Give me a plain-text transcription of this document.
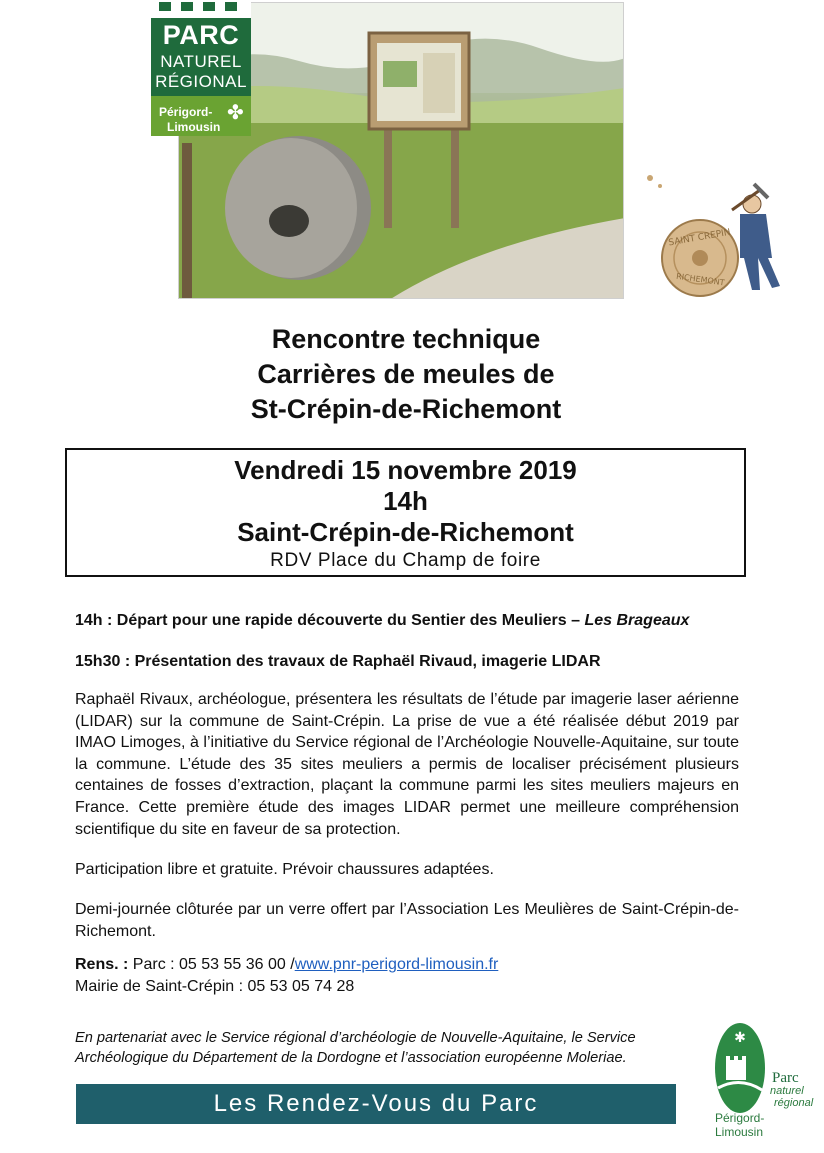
PARC
NATUREL
RÉGIONAL
Périgord-
Limousin
✤
SAINT CREPIN
RICHEMONT
Rencontre technique
Carrières de meules de
St-Crépin-de-Richemont
Vendredi 15 novembre 2019
14h
Saint-Crépin-de-Richemont
RDV Place du Champ de foire
14h : Départ pour une rapide découverte du Sentier des Meuliers – Les Brageaux
15h30 : Présentation des travaux de Raphaël Rivaud, imagerie LIDAR
Raphaël Rivaux, archéologue, présentera les résultats de l’étude par imagerie laser aérienne (LIDAR) sur la commune de Saint-Crépin. La prise de vue a été réalisée début 2019 par IMAO Limoges, à l’initiative du Service régional de l’Archéologie Nouvelle-Aquitaine, sur toute la commune. L’étude des 35 sites meuliers a permis de localiser précisément plusieurs centaines de fosses d’extraction, plaçant la commune parmi les sites meuliers majeurs en France. Cette première étude des images LIDAR permet une meilleure compréhension scientifique du site en faveur de sa protection.
Participation libre et gratuite. Prévoir chaussures adaptées.
Demi-journée clôturée par un verre offert par l’Association Les Meulières de Saint-Crépin-de-Richemont.
Rens. : Parc : 05 53 55 36 00 /www.pnr-perigord-limousin.fr
Mairie de Saint-Crépin : 05 53 05 74 28
En partenariat avec le Service régional d’archéologie de Nouvelle-Aquitaine, le Service Archéologique du Département de la Dordogne et l’association européenne Moleriae.
Les Rendez-Vous du Parc
✱
Parc
naturel
régional
Périgord-Limousin
